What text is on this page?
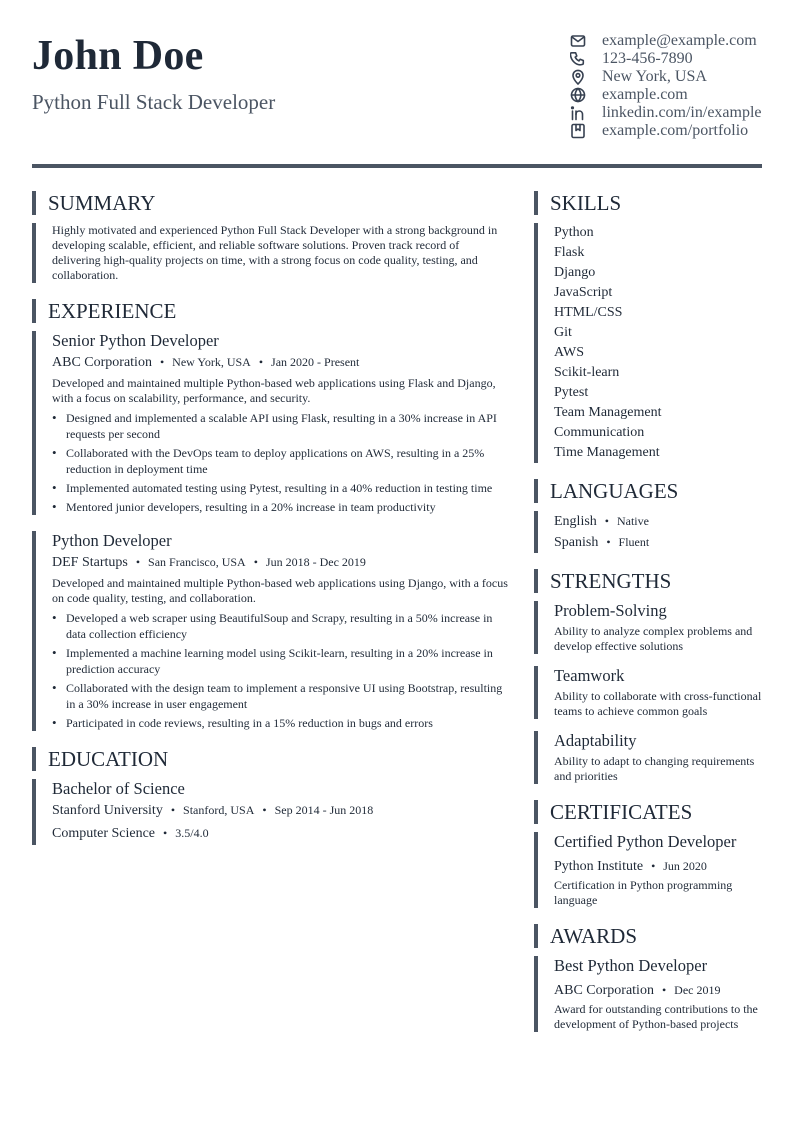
John Doe
Python Full Stack Developer
example@example.com
123-456-7890
New York, USA
example.com
linkedin.com/in/example
example.com/portfolio
SUMMARY

Highly motivated and experienced Python Full Stack Developer with a strong background in developing scalable, efficient, and reliable software solutions. Proven track record of delivering high-quality projects on time, with a strong focus on code quality, testing, and collaboration.

EXPERIENCE
Senior Python Developer
ABC Corporation • New York, USA • Jan 2020 - Present

Developed and maintained multiple Python-based web applications using Flask and Django, with a focus on scalability, performance, and security.

• Designed and implemented a scalable API using Flask, resulting in a 30% increase in API requests per second
• Collaborated with the DevOps team to deploy applications on AWS, resulting in a 25% reduction in deployment time
• Implemented automated testing using Pytest, resulting in a 40% reduction in testing time
• Mentored junior developers, resulting in a 20% increase in team productivity
Python Developer
DEF Startups • San Francisco, USA • Jun 2018 - Dec 2019

Developed and maintained multiple Python-based web applications using Django, with a focus on code quality, testing, and collaboration.

• Developed a web scraper using BeautifulSoup and Scrapy, resulting in a 50% increase in data collection efficiency
• Implemented a machine learning model using Scikit-learn, resulting in a 20% increase in prediction accuracy
• Collaborated with the design team to implement a responsive UI using Bootstrap, resulting in a 30% increase in user engagement
• Participated in code reviews, resulting in a 15% reduction in bugs and errors
EDUCATION
Bachelor of Science
Stanford University • Stanford, USA • Sep 2014 - Jun 2018
Computer Science • 3.5/4.0
SKILLS
Python
Flask
Django
JavaScript
HTML/CSS
Git
AWS
Scikit-learn
Pytest
Team Management
Communication
Time Management
LANGUAGES
English • Native
Spanish • Fluent
STRENGTHS
Problem-Solving

Ability to analyze complex problems and develop effective solutions

Teamwork

Ability to collaborate with cross-functional teams to achieve common goals

Adaptability

Ability to adapt to changing requirements and priorities

CERTIFICATES
Certified Python Developer
Python Institute • Jun 2020

Certification in Python programming language

AWARDS
Best Python Developer
ABC Corporation • Dec 2019

Award for outstanding contributions to the development of Python-based projects
